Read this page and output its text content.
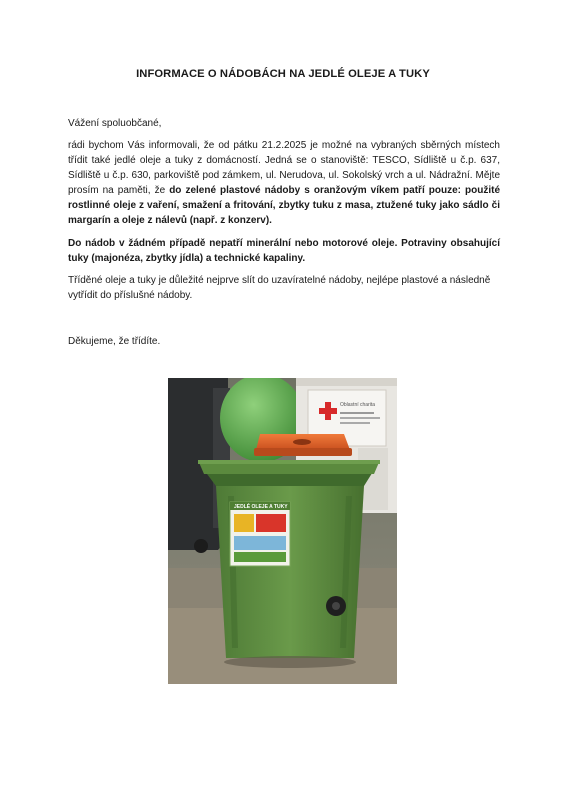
INFORMACE O NÁDOBÁCH NA JEDLÉ OLEJE A TUKY
Vážení spoluobčané,
rádi bychom Vás informovali, že od pátku 21.2.2025 je možné na vybraných sběrných místech třídit také jedlé oleje a tuky z domácností. Jedná se o stanoviště: TESCO, Sídliště u č.p. 637, Sídliště u č.p. 630, parkoviště pod zámkem, ul. Nerudova, ul. Sokolský vrch a ul. Nádražní. Mějte prosím na paměti, že do zelené plastové nádoby s oranžovým víkem patří pouze: použité rostlinné oleje z vaření, smažení a fritování, zbytky tuku z masa, ztužené tuky jako sádlo či margarín a oleje z nálevů (např. z konzerv).
Do nádob v žádném případě nepatří minerální nebo motorové oleje. Potraviny obsahující tuky (majonéza, zbytky jídla) a technické kapaliny.
Tříděné oleje a tuky je důležité nejprve slít do uzavíratelné nádoby, nejlépe plastové a následně vytřídit do příslušné nádoby.
Děkujeme, že třídíte.
Oblastní charita
JEDLÉ OLEJE A TUKY
